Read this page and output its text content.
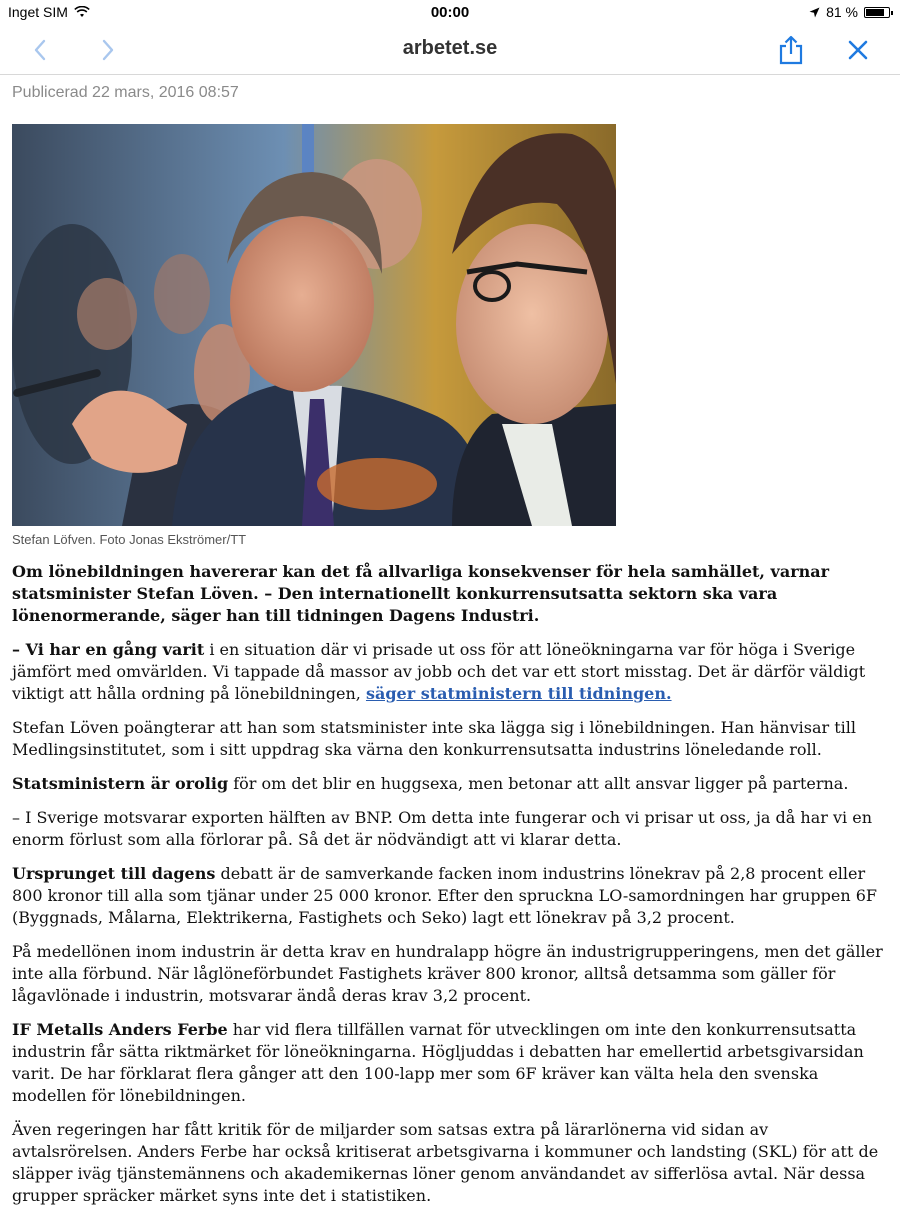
Inget SIM	00:00	81 %
arbetet.se
Publicerad 22 mars, 2016 08:57
Stefan Löfven. Foto Jonas Ekströmer/TT
Om lönebildningen havererar kan det få allvarliga konsekvenser för hela samhället, varnar statsminister Stefan Löven. – Den internationellt konkurrensutsatta sektorn ska vara lönenormerande, säger han till tidningen Dagens Industri.

– Vi har en gång varit i en situation där vi prisade ut oss för att löneökningarna var för höga i Sverige jämfört med omvärlden. Vi tappade då massor av jobb och det var ett stort misstag. Det är därför väldigt viktigt att hålla ordning på lönebildningen, säger statministern till tidningen.

Stefan Löven poängterar att han som statsminister inte ska lägga sig i lönebildningen. Han hänvisar till Medlingsinstitutet, som i sitt uppdrag ska värna den konkurrensutsatta industrins löneledande roll.

Statsministern är orolig för om det blir en huggsexa, men betonar att allt ansvar ligger på parterna.

– I Sverige motsvarar exporten hälften av BNP. Om detta inte fungerar och vi prisar ut oss, ja då har vi en enorm förlust som alla förlorar på. Så det är nödvändigt att vi klarar detta.

Ursprunget till dagens debatt är de samverkande facken inom industrins lönekrav på 2,8 procent eller 800 kronor till alla som tjänar under 25 000 kronor. Efter den spruckna LO-samordningen har gruppen 6F (Byggnads, Målarna, Elektrikerna, Fastighets och Seko) lagt ett lönekrav på 3,2 procent.

På medellönen inom industrin är detta krav en hundralapp högre än industrigrupperingens, men det gäller inte alla förbund. När låglöneförbundet Fastighets kräver 800 kronor, alltså detsamma som gäller för lågavlönade i industrin, motsvarar ändå deras krav 3,2 procent.

IF Metalls Anders Ferbe har vid flera tillfällen varnat för utvecklingen om inte den konkurrensutsatta industrin får sätta riktmärket för löneökningarna. Högljuddas i debatten har emellertid arbetsgivarsidan varit. De har förklarat flera gånger att den 100-lapp mer som 6F kräver kan välta hela den svenska modellen för lönebildningen.

Även regeringen har fått kritik för de miljarder som satsas extra på lärarlönerna vid sidan av avtalsrörelsen. Anders Ferbe har också kritiserat arbetsgivarna i kommuner och landsting (SKL) för att de släpper iväg tjänstemännens och akademikernas löner genom användandet av sifferlösa avtal. När dessa grupper spräcker märket syns inte det i statistiken.
